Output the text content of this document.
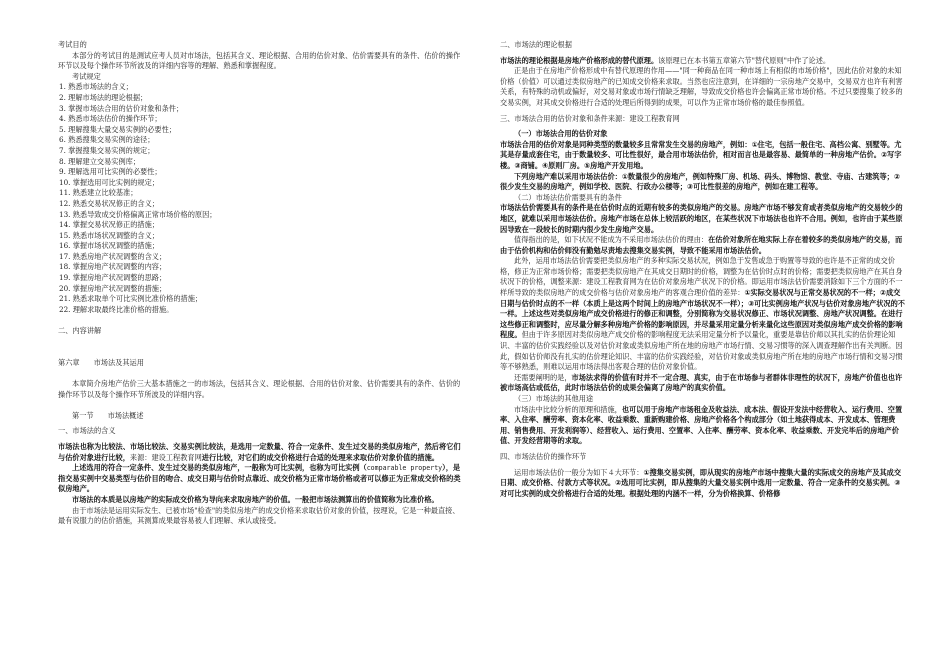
考试目的

本部分的考试目的是测试应考人员对市场法，包括其含义、理论根据、合用的估价对象、估价需要具有的条件、估价的操作环节以及每个操作环节所波及的详细内容等的理解、熟悉和掌握程度。

考试规定

1. 熟悉市场法的含义；
2. 理解市场法的理论根据；
3. 掌握市场法合用的估价对象和条件；
4. 熟悉市场法估价的操作环节；
5. 理解搜集大量交易实例的必要性；
6. 熟悉搜集交易实例的途径；
7. 掌握搜集交易实例的规定；
8. 理解建立交易实例库；
9. 理解选用可比实例的必要性；
10. 掌握选用可比实例的规定；
11. 熟悉建立比较基准；
12. 熟悉交易状况修正的含义；
13. 熟悉导致成交价格偏离正常市场价格的原因；
14. 掌握交易状况修正的措施；
15. 熟悉市场状况调整的含义；
16. 掌握市场状况调整的措施；
17. 熟悉房地产状况调整的含义；
18. 掌握房地产状况调整的内容；
19. 掌握房地产状况调整的思路；
20. 掌握房地产状况调整的措施；
21. 熟悉求取单个可比实例比准价格的措施；
22. 理解求取最终比准价格的措施。

二、内容讲解

第六章 市场法及其运用

本章简介房地产估价三大基本措施之一的市场法，包括其含义、理论根据、合用的估价对象、估价需要具有的条件、估价的操作环节以及每个操作环节所波及的详细内容。

第一节 市场法概述

一、市场法的含义

市场法也称为比较法、市场比较法、交易实例比较法，是选用一定数量、符合一定条件、发生过交易的类似房地产，然后将它们与估价对象进行比较，来源：建设工程教育网进行比较，对它们的成交价格进行合适的处理来求取估价对象价值的措施。

上述选用的符合一定条件、发生过交易的类似房地产，一般称为可比实例，也称为可比实例（comparable property），是指交易实例中交易类型与估价目的吻合、成交日期与估价时点靠近、成交价格为正常市场价格或者可以修正为正常成交价格的类似房地产。

市场法的本质是以房地产的实际成交价格为导向来求取房地产的价值。一般把市场法测算出的价值简称为比准价格。

由于市场法是运用实际发生、已被市场"检查"的类似房地产的成交价格来求取估价对象的价值，按理说，它是一种最直接、最有说服力的估价措施，其测算成果最容易被人们理解、承认或接受。

二、市场法的理论根据

市场法的理论根据是房地产价格形成的替代原理。该原理已在本书第五章第六节"替代原则"中作了论述。

正是由于在房地产价格形成中有替代原理的作用——"同一种商品在同一种市场上有相似的市场价格"，因此估价对象的未知价格（价值）可以通过类似房地产的已知成交价格来求取。当然也应注意到，在详细的一宗房地产交易中，交易双方也许有利害关系，有特殊的动机或偏好，对交易对象或市场行情缺乏理解，导致成交价格也许会偏离正常市场价格。不过只要搜集了较多的交易实例，对其成交价格进行合适的处理后所得到的成果，可以作为正常市场价格的最佳参照值。

三、市场法合用的估价对象和条件来源：建设工程教育网

（一）市场法合用的估价对象

市场法合用的估价对象是同种类型的数量较多且常常发生交易的房地产，例如：①住宅，包括一般住宅、高档公寓、别墅等。尤其是存量成套住宅，由于数量较多、可比性很好，最合用市场法估价，相对而言也是最容易、最简单的一种房地产估价。②写字楼。③商铺。④原则厂房。⑤房地产开发用地。

下列房地产难以采用市场法估价：①数量很少的房地产，例如特殊厂房、机场、码头、博物馆、教堂、寺庙、古建筑等；②很少发生交易的房地产，例如学校、医院、行政办公楼等；③可比性很差的房地产，例如在建工程等。

（二）市场法估价需要具有的条件

市场法估价需要具有的条件是在估价时点的近期有较多的类似房地产的交易。房地产市场不够发育或者类似房地产的交易较少的地区，就难以采用市场法估价。房地产市场在总体上较活跃的地区，在某些状况下市场法也也许不合用。例如，也许由于某些原因导致在一段较长的时期内很少发生房地产交易。

值得指出的是，如下状况不能成为不采用市场法估价的理由：在估价对象所在地实际上存在着较多的类似房地产的交易，而由于估价机构和估价师没有勤勉尽责地去搜集交易实例，导致不能采用市场法估价。

此外，运用市场法估价需要把类似房地产的多种实际交易状况，例如急于发售或急于购置等导致的也许是不正常的成交价格，修正为正常市场价格；需要把类似房地产在其成交日期时的价格，调整为在估价时点时的价格；需要把类似房地产在其自身状况下的价格，调整来源：建设工程教育网为在估价对象房地产状况下的价格。即运用市场法估价需要消除如下三个方面的不一样所导致的类似房地产的成交价格与估价对象房地产的客观合理价值的差异：①实际交易状况与正常交易状况的不一样；②成交日期与估价时点的不一样（本质上是这两个时间上的房地产市场状况不一样）；③可比实例房地产状况与估价对象房地产状况的不一样。上述这些对类似房地产成交价格进行的修正和调整，分别简称为交易状况修正、市场状况调整、房地产状况调整。在进行这些修正和调整时，应尽量分解多种房地产价格的影响原因，并尽量采用定量分析来量化这些原因对类似房地产成交价格的影响程度。但由于许多原因对类似房地产成交价格的影响程度无法采用定量分析予以量化，重要是靠估价师以其扎实的估价理论知识、丰富的估价实践经验以及对估价对象或类似房地产所在地的房地产市场行情、交易习惯等的深入调查理解作出有关判断。因此，假如估价师没有扎实的估价理论知识、丰富的估价实践经验，对估价对象或类似房地产所在地的房地产市场行情和交易习惯等不够熟悉，则难以运用市场法得出客观合理的估价对象价值。

还需要阐明的是，市场法求得的价值有时并不一定合理、真实，由于在市场参与者群体非理性的状况下，房地产价值也也许被市场高估或低估，此时市场法估价的成果会偏离了房地产的真实价值。

（三）市场法的其他用途

市场法中比较分析的原理和措施，也可以用于房地产市场租金及收益法、成本法、假设开发法中经营收入、运行费用、空置率、入住率、酬劳率、资本化率、收益乘数、重新购建价格、房地产价格各个构成部分（如土地获得成本、开发成本、管理费用、销售费用、开发利润等）、经营收入、运行费用、空置率、入住率、酬劳率、资本化率、收益乘数、开发完毕后的房地产价值、开发经营期等的求取。

四、市场法估价的操作环节

运用市场法估价一般分为如下４大环节：①搜集交易实例，即从现实的房地产市场中搜集大量的实际成交的房地产及其成交日期、成交价格、付款方式等状况。②选用可比实例，即从搜集的大量交易实例中选用一定数量、符合一定条件的交易实例。③对可比实例的成交价格进行合适的处理。根据处理的内涵不一样，分为价格换算、价格修
